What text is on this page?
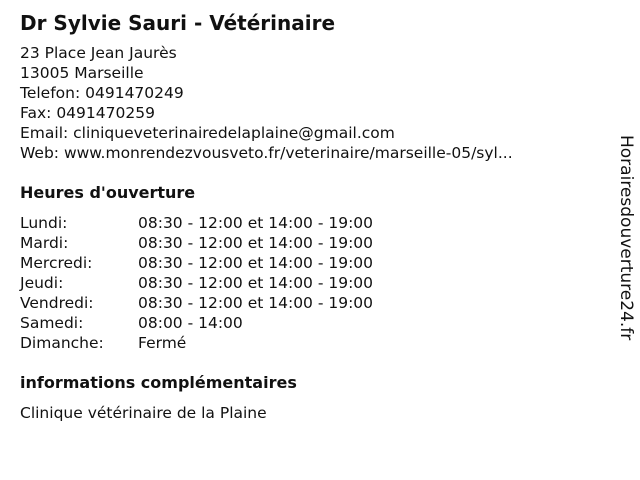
Dr Sylvie Sauri - Vétérinaire
23 Place Jean Jaurès
13005 Marseille
Telefon: 0491470249
Fax: 0491470259
Email: cliniqueveterinairedelaplaine@gmail.com
Web: www.monrendezvousveto.fr/veterinaire/marseille-05/syl...
Heures d'ouverture
Lundi:	08:30 - 12:00 et 14:00 - 19:00
Mardi:	08:30 - 12:00 et 14:00 - 19:00
Mercredi:	08:30 - 12:00 et 14:00 - 19:00
Jeudi:	08:30 - 12:00 et 14:00 - 19:00
Vendredi:	08:30 - 12:00 et 14:00 - 19:00
Samedi:	08:00 - 14:00
Dimanche:	Fermé
informations complémentaires
Clinique vétérinaire de la Plaine
Horairesdouverture24.fr
